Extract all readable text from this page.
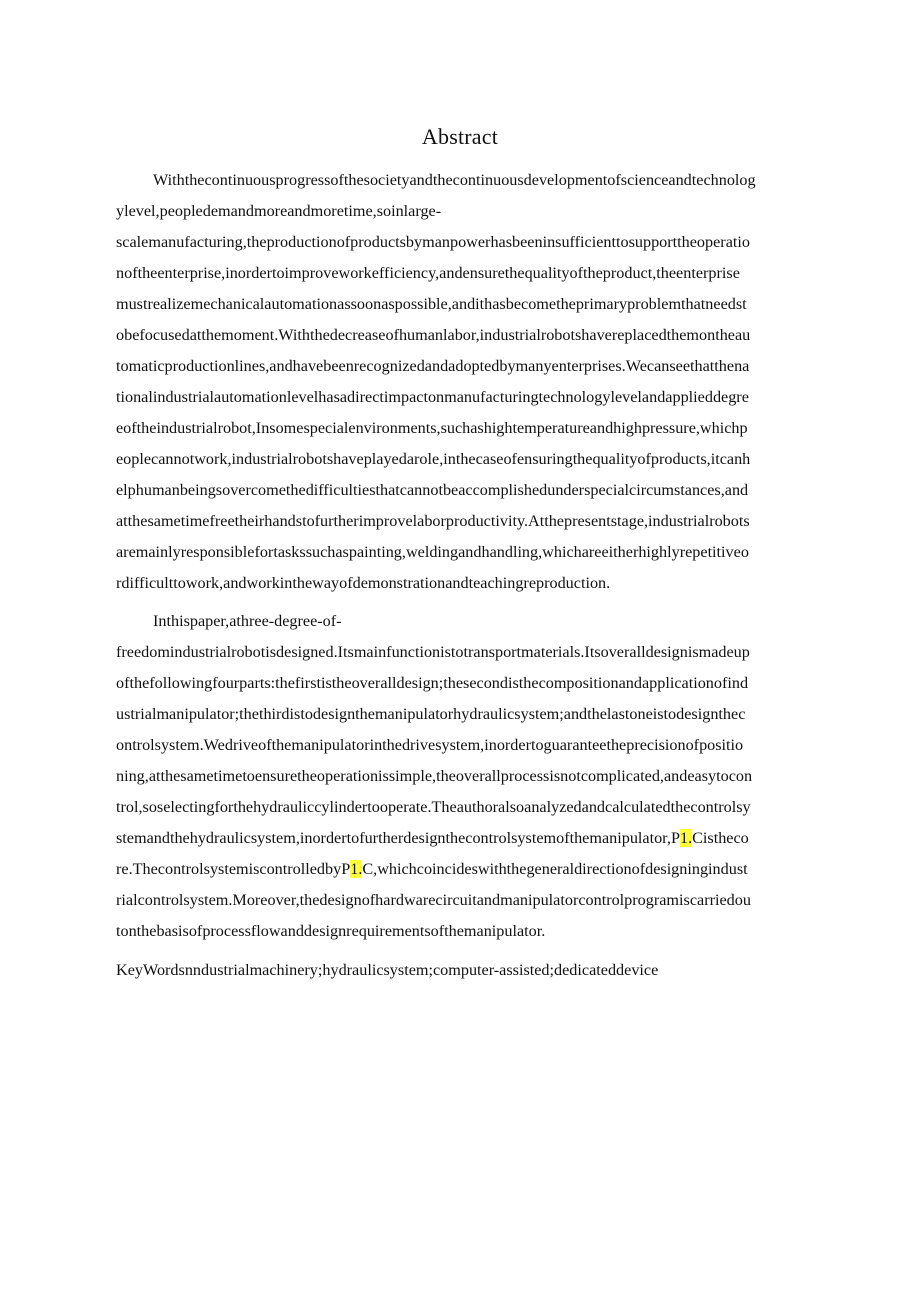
Abstract
Withthecontinuousprogressofthesocietyandthecontinuousdevelopmentofscienceandtechnolog
ylevel,peopledemandmoreandmoretime,soinlarge-
scalemanufacturing,theproductionofproductsbymanpowerhasbeeninsufficienttosupporttheoperatio
noftheenterprise,inordertoimproveworkefficiency,andensurethequalityoftheproduct,theenterprise
mustrealizemechanicalautomationassoonaspossible,andithasbecometheprimaryproblemthatneedst
obefocusedatthemoment.Withthedecreaseofhumanlabor,industrialrobotshavereplacedthemontheau
tomaticproductionlines,andhavebeenrecognizedandadoptedbymanyenterprises.Wecanseethatthena
tionalindustrialautomationlevelhasadirectimpactonmanufacturingtechnologylevelandapplieddegre
eoftheindustrialrobot,Insomespecialenvironments,suchashightemperatureandhighpressure,whichp
eoplecannotwork,industrialrobotshaveplayedarole,inthecaseofensuringthequalityofproducts,itcanh
elphumanbeingsovercomethedifficultiesthatcannotbeaccomplishedunderspecialcircumstances,and
atthesametimefreetheirhandstofurtherimprovelaborproductivity.Atthepresentstage,industrialrobots
aremainlyresponsiblefortaskssuchaspainting,weldingandhandling,whichareeitherhighlyrepetitiveo
rdifficulttowork,andworkinthewayofdemonstrationandteachingreproduction.
Inthispaper,athree-degree-of-
freedomindustrialrobotisdesigned.Itsmainfunctionistotransportmaterials.Itsoveralldesignismadeup
ofthefollowingfourparts:thefirstistheoveralldesign;thesecondisthecompositionandapplicationofind
ustrialmanipulator;thethirdistodesignthemanipulatorhydraulicsystem;andthelastoneistodesignthec
ontrolsystem.Wedriveofthemanipulatorinthedrivesystem,inordertoguaranteetheprecisionofpositio
ning,atthesametimetoensuretheoperationissimple,theoverallprocessisnotcomplicated,andeasytocon
trol,soselectingforthehydrauliccylindertooperate.Theauthoralsoanalyzedandcalculatedthecontrolsy
stemandthehydraulicsystem,inordertofurtherdesignthecontrolsystemofthemanipulator,P1.Cistheco
re.ThecontrolsystemiscontrolledbyP1.C,whichcoincideswiththegeneraldirectionofdesigningindust
rialcontrolsystem.Moreover,thedesignofhardwarecircuitandmanipulatorcontrolprogramiscarriedou
tonthebasisofprocessflowanddesignrequirementsofthemanipulator.
KeyWordsnndustrialmachinery;hydraulicsystem;computer-assisted;dedicateddevice
